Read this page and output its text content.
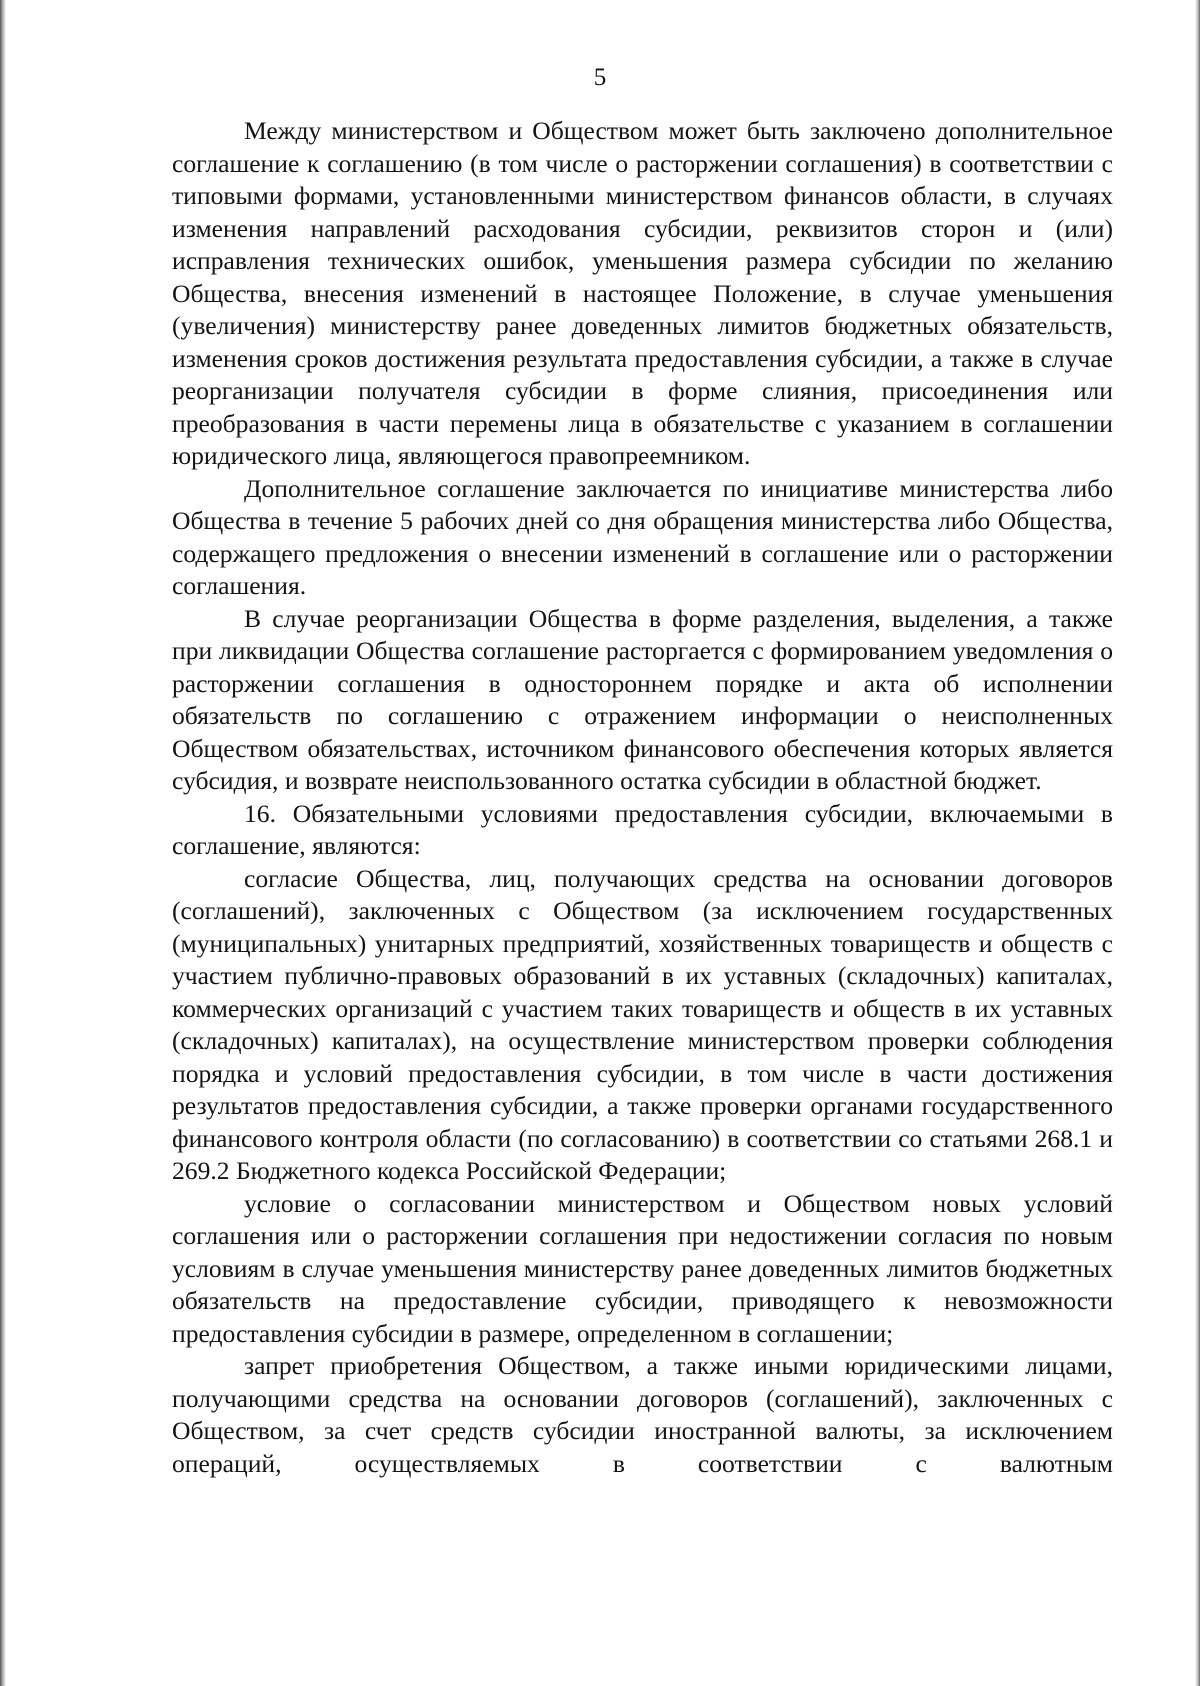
5

Между министерством и Обществом может быть заключено дополнительное соглашение к соглашению (в том числе о расторжении соглашения) в соответствии с типовыми формами, установленными министерством финансов области, в случаях изменения направлений расходования субсидии, реквизитов сторон и (или) исправления технических ошибок, уменьшения размера субсидии по желанию Общества, внесения изменений в настоящее Положение, в случае уменьшения (увеличения) министерству ранее доведенных лимитов бюджетных обязательств, изменения сроков достижения результата предоставления субсидии, а также в случае реорганизации получателя субсидии в форме слияния, присоединения или преобразования в части перемены лица в обязательстве с указанием в соглашении юридического лица, являющегося правопреемником.

Дополнительное соглашение заключается по инициативе министерства либо Общества в течение 5 рабочих дней со дня обращения министерства либо Общества, содержащего предложения о внесении изменений в соглашение или о расторжении соглашения.

В случае реорганизации Общества в форме разделения, выделения, а также при ликвидации Общества соглашение расторгается с формированием уведомления о расторжении соглашения в одностороннем порядке и акта об исполнении обязательств по соглашению с отражением информации о неисполненных Обществом обязательствах, источником финансового обеспечения которых является субсидия, и возврате неиспользованного остатка субсидии в областной бюджет.

16. Обязательными условиями предоставления субсидии, включаемыми в соглашение, являются:

согласие Общества, лиц, получающих средства на основании договоров (соглашений), заключенных с Обществом (за исключением государственных (муниципальных) унитарных предприятий, хозяйственных товариществ и обществ с участием публично-правовых образований в их уставных (складочных) капиталах, коммерческих организаций с участием таких товариществ и обществ в их уставных (складочных) капиталах), на осуществление министерством проверки соблюдения порядка и условий предоставления субсидии, в том числе в части достижения результатов предоставления субсидии, а также проверки органами государственного финансового контроля области (по согласованию) в соответствии со статьями 268.1 и 269.2 Бюджетного кодекса Российской Федерации;

условие о согласовании министерством и Обществом новых условий соглашения или о расторжении соглашения при недостижении согласия по новым условиям в случае уменьшения министерству ранее доведенных лимитов бюджетных обязательств на предоставление субсидии, приводящего к невозможности предоставления субсидии в размере, определенном в соглашении;

запрет приобретения Обществом, а также иными юридическими лицами, получающими средства на основании договоров (соглашений), заключенных с Обществом, за счет средств субсидии иностранной валюты, за исключением операций, осуществляемых в соответствии с валютным
